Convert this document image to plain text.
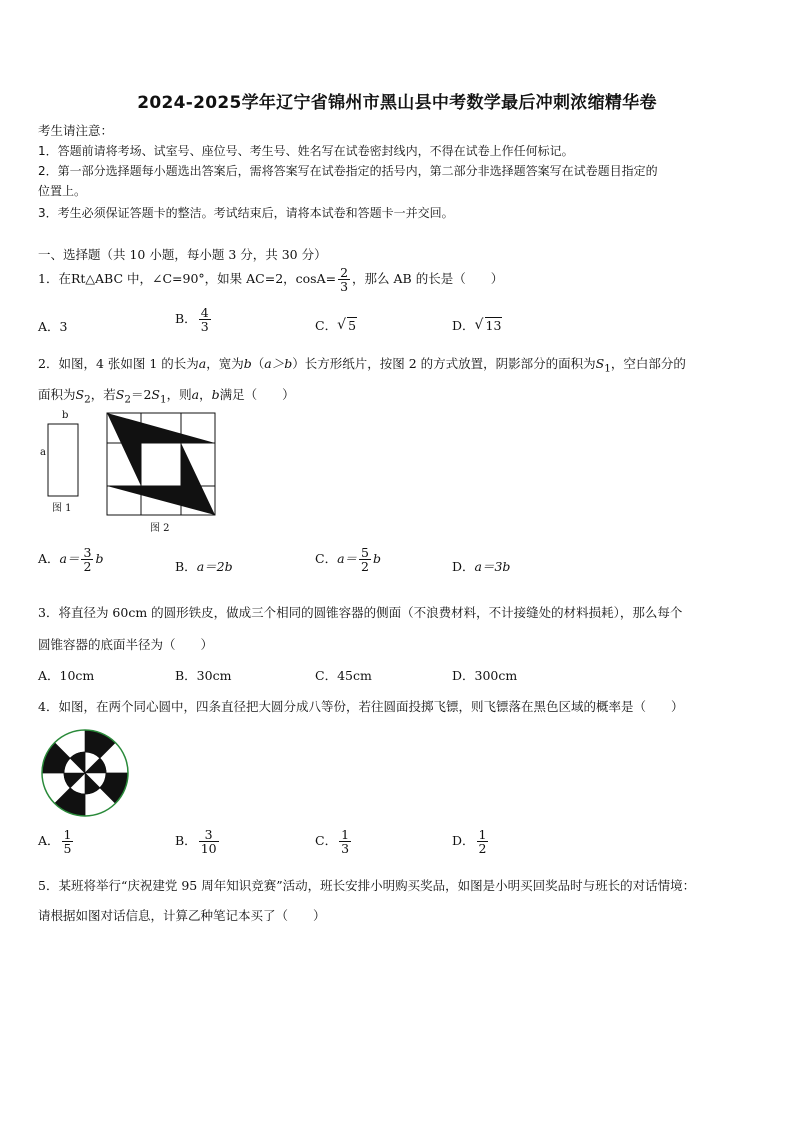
2024-2025学年辽宁省锦州市黑山县中考数学最后冲刺浓缩精华卷
考生请注意：
1．答题前请将考场、试室号、座位号、考生号、姓名写在试卷密封线内，不得在试卷上作任何标记。
2．第一部分选择题每小题选出答案后，需将答案写在试卷指定的括号内，第二部分非选择题答案写在试卷题目指定的
位置上。
3．考生必须保证答题卡的整洁。考试结束后，请将本试卷和答题卡一并交回。
一、选择题（共 10 小题，每小题 3 分，共 30 分）
1．在Rt△ABC 中，∠C=90°，如果 AC=2，$\cos A= \frac{2}{3}$ ，那么 AB 的长是（　　）
A．3
B． $\frac{4}{3}$	C． √ 5	D． √ 13
2．如图，4 张如图 1 的长为a，宽为b（a＞b）长方形纸片，按图 2 的方式放置，阴影部分的面积为$S_1$，空白部分的
面积为$S_2$，若$S_2=2S_1$，则a，b满足（　　）
b
a
图 1
图 2
A．$a= \frac{3}{2}$ b
B．a＝2b
C．$a= \frac{5}{2}$ b
D．a＝3b
3．将直径为 60cm 的圆形铁皮，做成三个相同的圆锥容器的侧面（不浪费材料，不计接缝处的材料损耗），那么每个
圆锥容器的底面半径为（　　）
A．10cm	B．30cm	C．45cm	D．300cm
4．如图，在两个同心圆中，四条直径把大圆分成八等份，若往圆面投掷飞镖，则飞镖落在黑色区域的概率是（　　）
A． $\frac{1}{5}$	B． $\frac{3}{10}$	C． $\frac{1}{3}$	D． $\frac{1}{2}$
5．某班将举行“庆祝建党 95 周年知识竞赛”活动，班长安排小明购买奖品，如图是小明买回奖品时与班长的对话情境：
请根据如图对话信息，计算乙种笔记本买了（　　）
